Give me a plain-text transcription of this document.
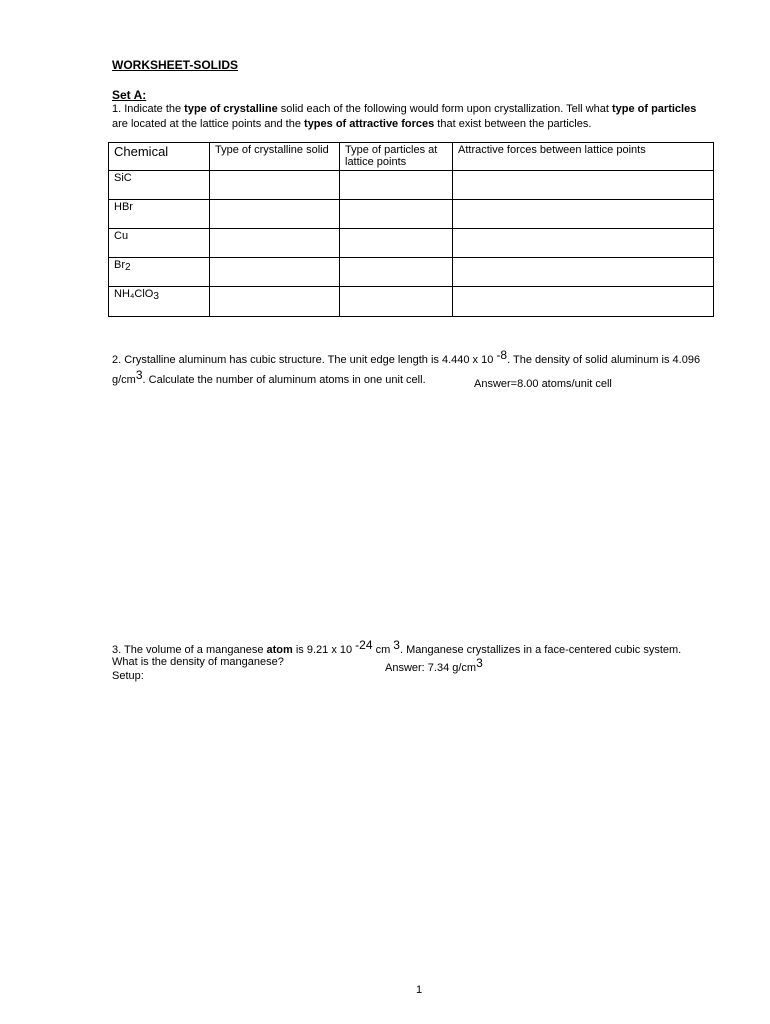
WORKSHEET-SOLIDS
Set A:
1. Indicate the type of crystalline solid each of the following would form upon crystallization. Tell what type of particles
are located at the lattice points and the types of attractive forces that exist between the particles.
Chemical	Type of crystalline solid	Type of particles at lattice points	Attractive forces between lattice points
SiC			
HBr			
Cu			
Br2			
NH₄ClO3			
2. Crystalline aluminum has cubic structure. The unit edge length is 4.440 x 10 -8. The density of solid aluminum is 4.096 g/cm3. Calculate the number of aluminum atoms in one unit cell.	Answer=8.00 atoms/unit cell
3. The volume of a manganese atom is 9.21 x 10 -24 cm 3. Manganese crystallizes in a face-centered cubic system.
What is the density of manganese?	Answer: 7.34 g/cm3
Setup:
1
